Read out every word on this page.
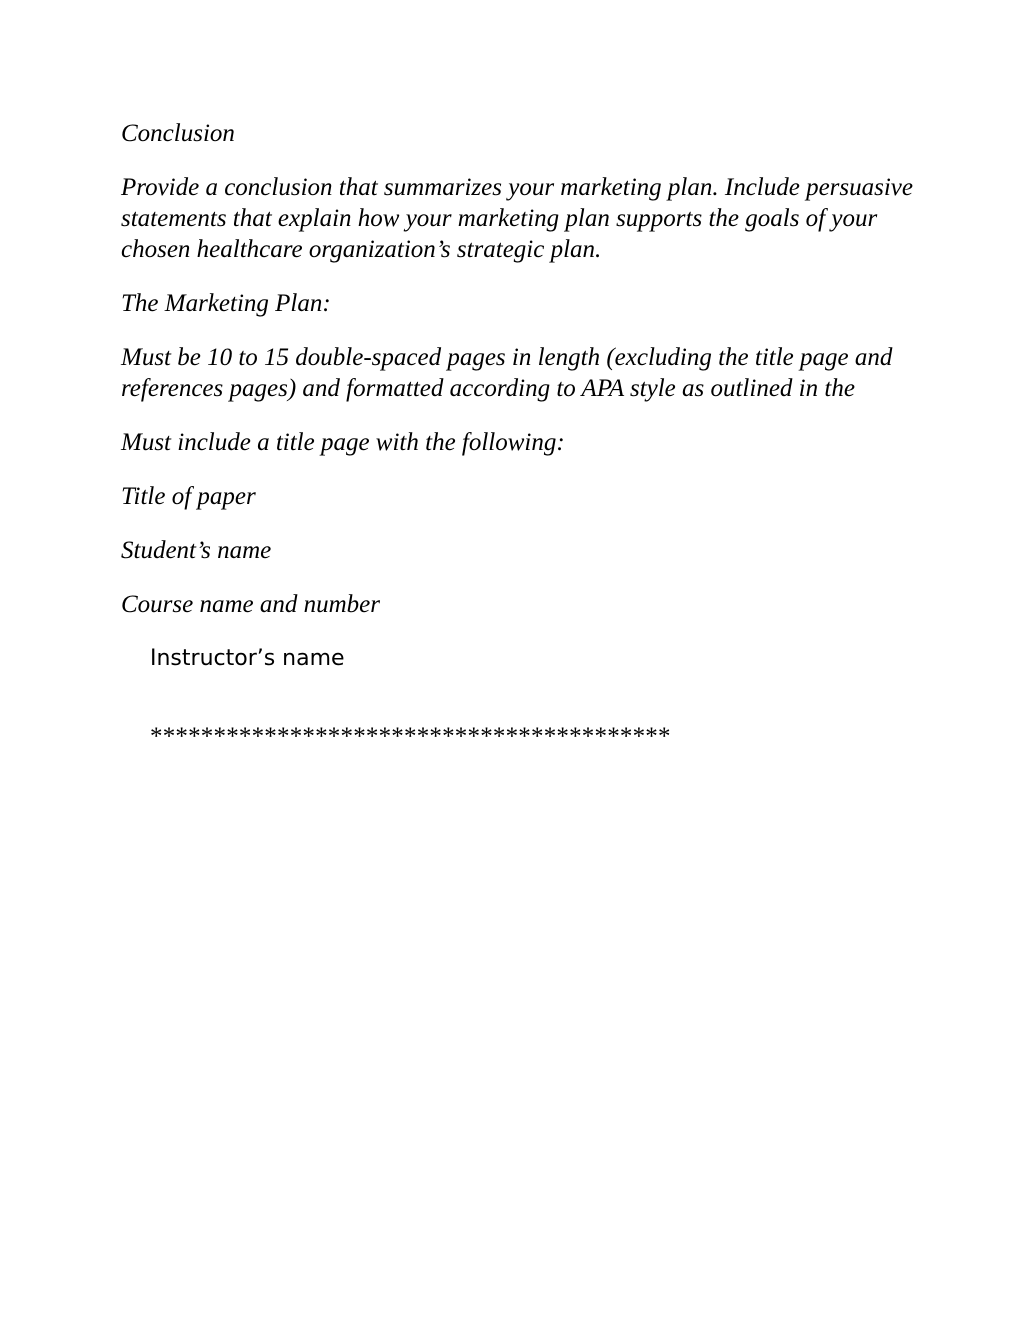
Conclusion

Provide a conclusion that summarizes your marketing plan. Include persuasive statements that explain how your marketing plan supports the goals of your chosen healthcare organization’s strategic plan.

The Marketing Plan:

Must be 10 to 15 double-spaced pages in length (excluding the title page and references pages) and formatted according to APA style as outlined in the

Must include a title page with the following:

Title of paper

Student’s name

Course name and number

Instructor’s name

*****************************************
